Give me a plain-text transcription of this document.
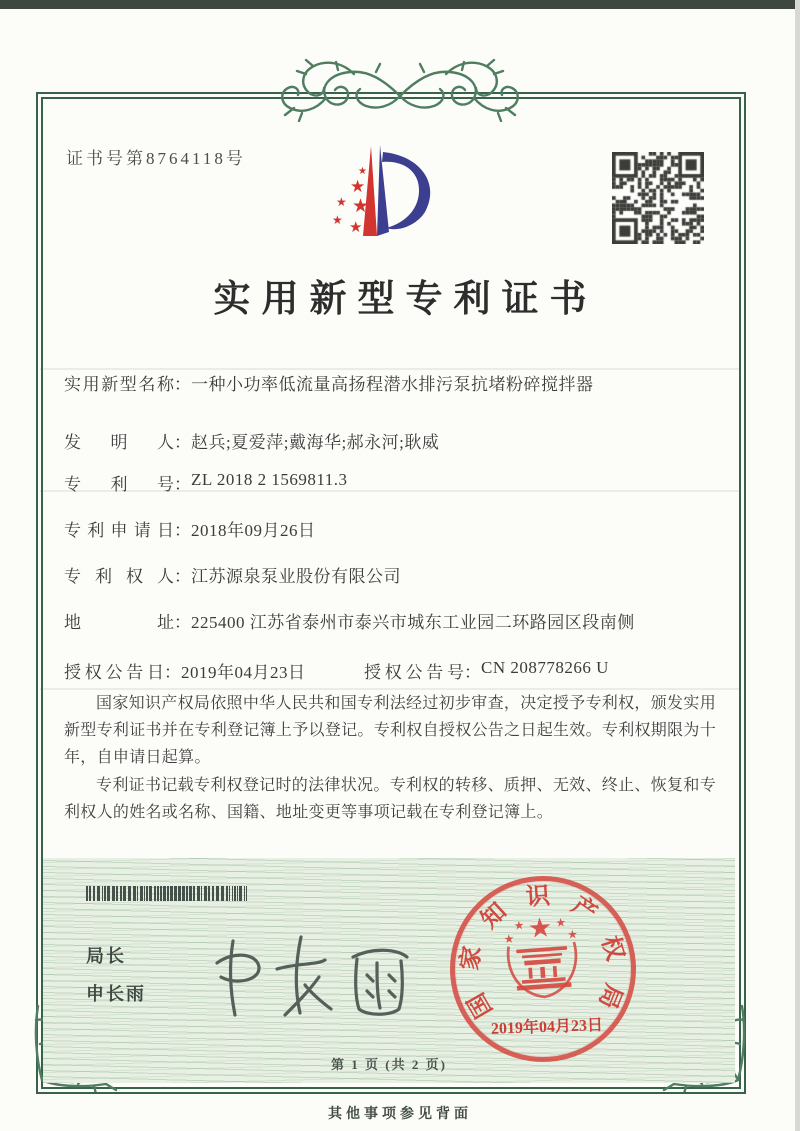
证书号第8764118号
★
★ ★
★ ★
★
实用新型专利证书
实用新型名称 ： 一种小功率低流量高扬程潜水排污泵抗堵粉碎搅拌器
发明人 ： 赵兵;夏爱萍;戴海华;郝永河;耿威
专利号 ： ZL 2018 2 1569811.3
专利申请日 ： 2018年09月26日
专利权人 ： 江苏源泉泵业股份有限公司
地址 ： 225400 江苏省泰州市泰兴市城东工业园二环路园区段南侧
授权公告日 ： 2019年04月23日	授权公告号 ： CN 208778266 U

国家知识产权局依照中华人民共和国专利法经过初步审查，决定授予专利权，颁发实用新型专利证书并在专利登记簿上予以登记。专利权自授权公告之日起生效。专利权期限为十年，自申请日起算。

专利证书记载专利权登记时的法律状况。专利权的转移、质押、无效、终止、恢复和专利权人的姓名或名称、国籍、地址变更等事项记载在专利登记簿上。

局长
申长雨	国
家
知
识 产
权
局
★
★ ★
★	★
2019年04月23日
第 1 页 (共 2 页)
其他事项参见背面
